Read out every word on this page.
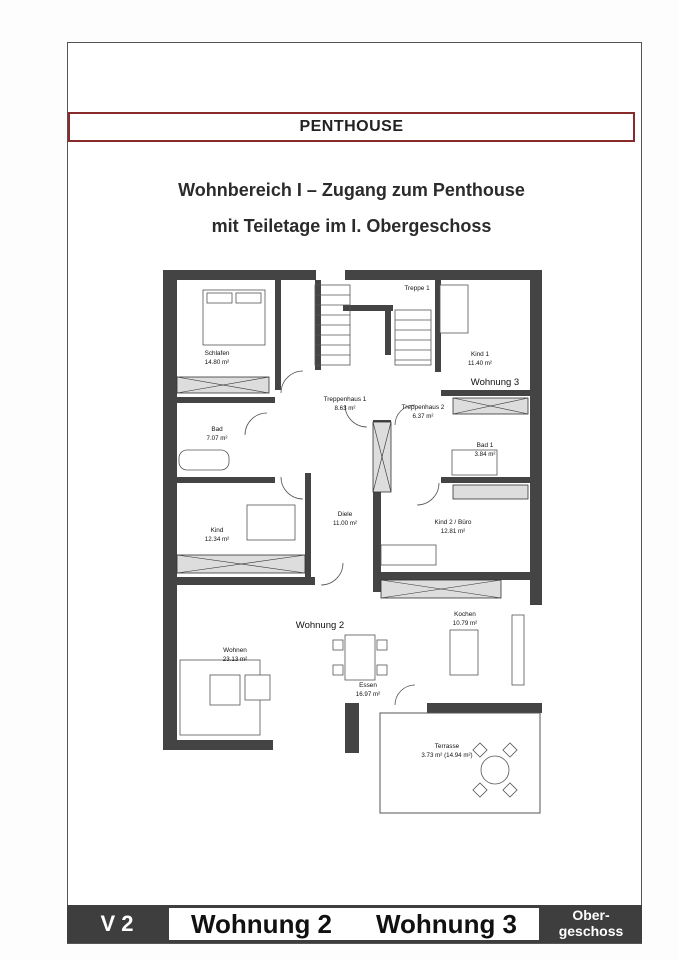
PENTHOUSE
Wohnbereich I – Zugang zum Penthouse
mit Teiletage im I. Obergeschoss
Schlafen
14.80 m²
Bad
7.07 m²
Kind
12.34 m²
Treppenhaus 1
8.63 m²
Treppe 1
Treppenhaus 2
6.37 m²
Kind 1
11.40 m²
Bad 1
3.84 m²
Kind 2 / Büro
12.81 m²
Diele
11.00 m²
Kochen
10.79 m²
Wohnen
23.13 m²
Essen
16.97 m²
Terrasse
3.73 m² (14.94 m²)
Wohnung 2
Wohnung 3
V 2	Wohnung 2 Wohnung 3	Ober-
geschoss
